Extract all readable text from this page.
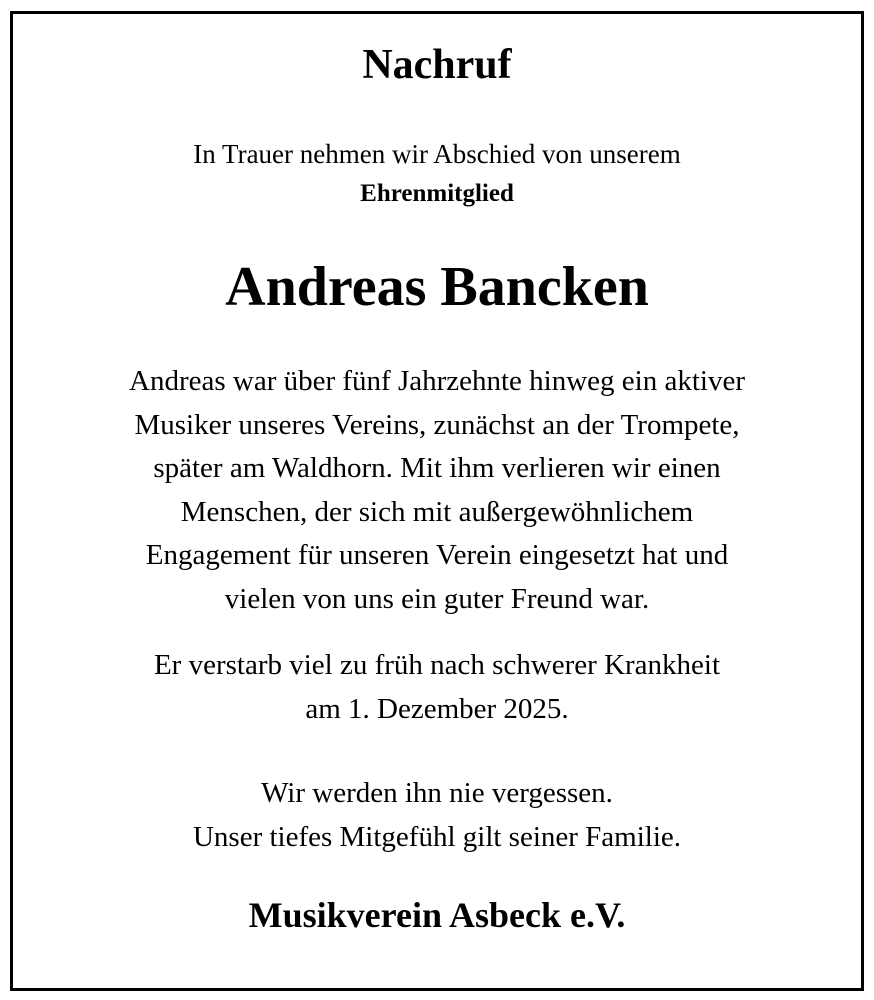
Nachruf

In Trauer nehmen wir Abschied von unserem
Ehrenmitglied

Andreas Bancken

Andreas war über fünf Jahrzehnte hinweg ein aktiver
Musiker unseres Vereins, zunächst an der Trompete,
später am Waldhorn. Mit ihm verlieren wir einen
Menschen, der sich mit außergewöhnlichem
Engagement für unseren Verein eingesetzt hat und
vielen von uns ein guter Freund war.

Er verstarb viel zu früh nach schwerer Krankheit
am 1. Dezember 2025.

Wir werden ihn nie vergessen.
Unser tiefes Mitgefühl gilt seiner Familie.

Musikverein Asbeck e.V.
